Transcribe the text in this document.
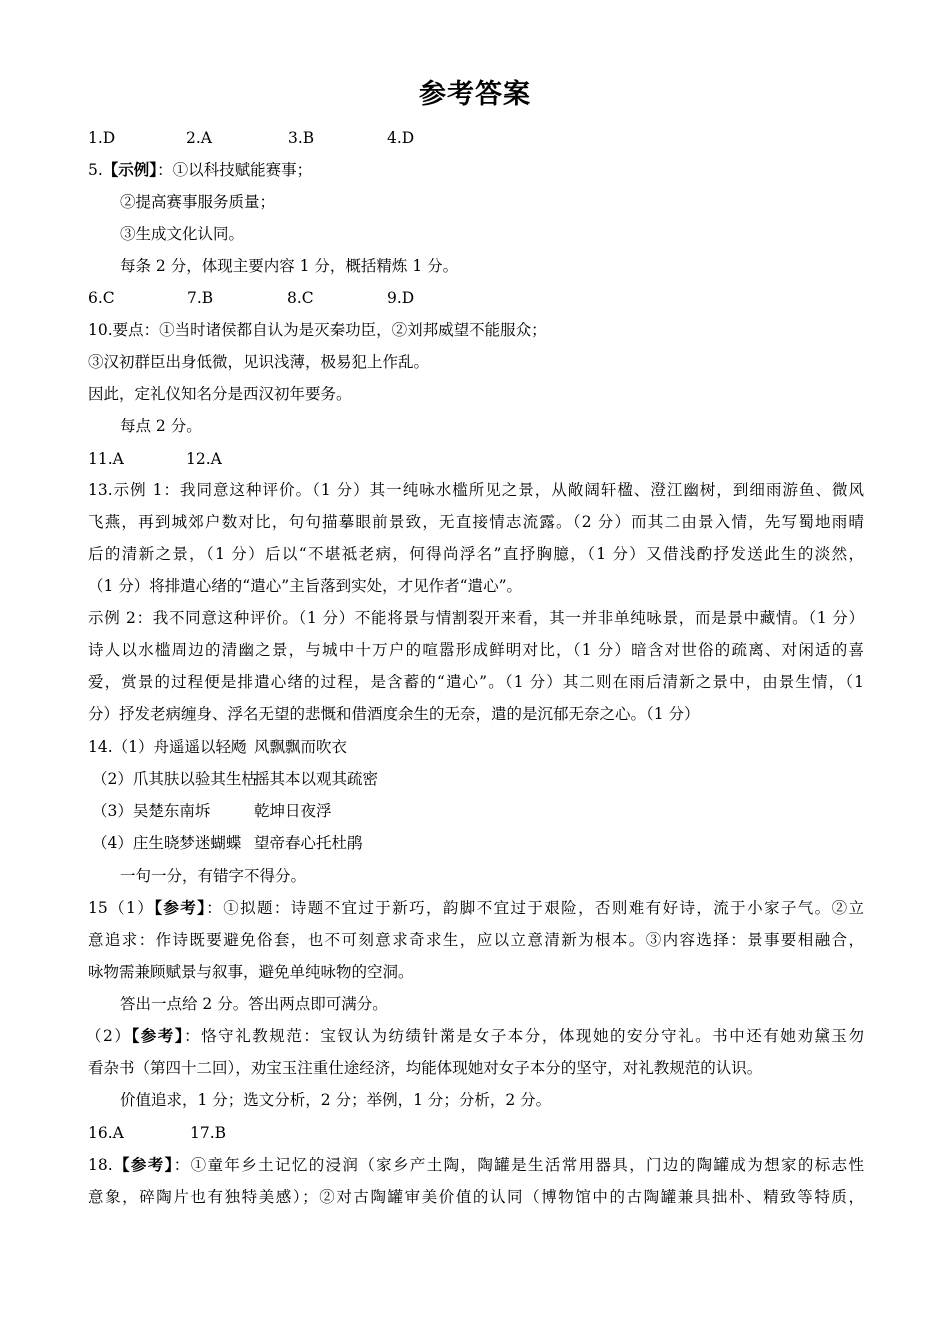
参考答案
1.D	2.A	3.B	4.D
5.【示例】：①以科技赋能赛事；
②提高赛事服务质量；
③生成文化认同。
每条 2 分，体现主要内容 1 分，概括精炼 1 分。
6.C	7.B	8.C	9.D
10.要点：①当时诸侯都自认为是灭秦功臣，②刘邦威望不能服众；
③汉初群臣出身低微，见识浅薄，极易犯上作乱。
因此，定礼仪知名分是西汉初年要务。
每点 2 分。
11.A	12.A
13.示例 1：我同意这种评价。（1 分）其一纯咏水槛所见之景，从敞阔轩楹、澄江幽树，到细雨游鱼、微风
飞燕，再到城郊户数对比，句句描摹眼前景致，无直接情志流露。（2 分）而其二由景入情，先写蜀地雨晴
后的清新之景，（1 分）后以“不堪祗老病，何得尚浮名”直抒胸臆，（1 分）又借浅酌抒发送此生的淡然，
（1 分）将排遣心绪的“遣心”主旨落到实处，才见作者“遣心”。
示例 2：我不同意这种评价。（1 分）不能将景与情割裂开来看，其一并非单纯咏景，而是景中藏情。（1 分）
诗人以水槛周边的清幽之景，与城中十万户的喧嚣形成鲜明对比，（1 分）暗含对世俗的疏离、对闲适的喜
爱，赏景的过程便是排遣心绪的过程，是含蓄的“遣心”。（1 分）其二则在雨后清新之景中，由景生情，（1
分）抒发老病缠身、浮名无望的悲慨和借酒度余生的无奈，遣的是沉郁无奈之心。（1 分）
14.（1）舟遥遥以轻飏 风飘飘而吹衣
（2）爪其肤以验其生枯摇其本以观其疏密
（3）吴楚东南坼	乾坤日夜浮
（4）庄生晓梦迷蝴蝶 望帝春心托杜鹃
一句一分，有错字不得分。
15（1）【参考】：①拟题：诗题不宜过于新巧，韵脚不宜过于艰险，否则难有好诗，流于小家子气。②立
意追求：作诗既要避免俗套，也不可刻意求奇求生，应以立意清新为根本。③内容选择：景事要相融合，
咏物需兼顾赋景与叙事，避免单纯咏物的空洞。
答出一点给 2 分。答出两点即可满分。
（2）【参考】：恪守礼教规范：宝钗认为纺绩针黹是女子本分，体现她的安分守礼。书中还有她劝黛玉勿
看杂书（第四十二回），劝宝玉注重仕途经济，均能体现她对女子本分的坚守，对礼教规范的认识。
价值追求，1 分；选文分析，2 分；举例，1 分；分析，2 分。
16.A	17.B
18.【参考】：①童年乡土记忆的浸润（家乡产土陶，陶罐是生活常用器具，门边的陶罐成为想家的标志性
意象，碎陶片也有独特美感）；②对古陶罐审美价值的认同（博物馆中的古陶罐兼具拙朴、精致等特质，
